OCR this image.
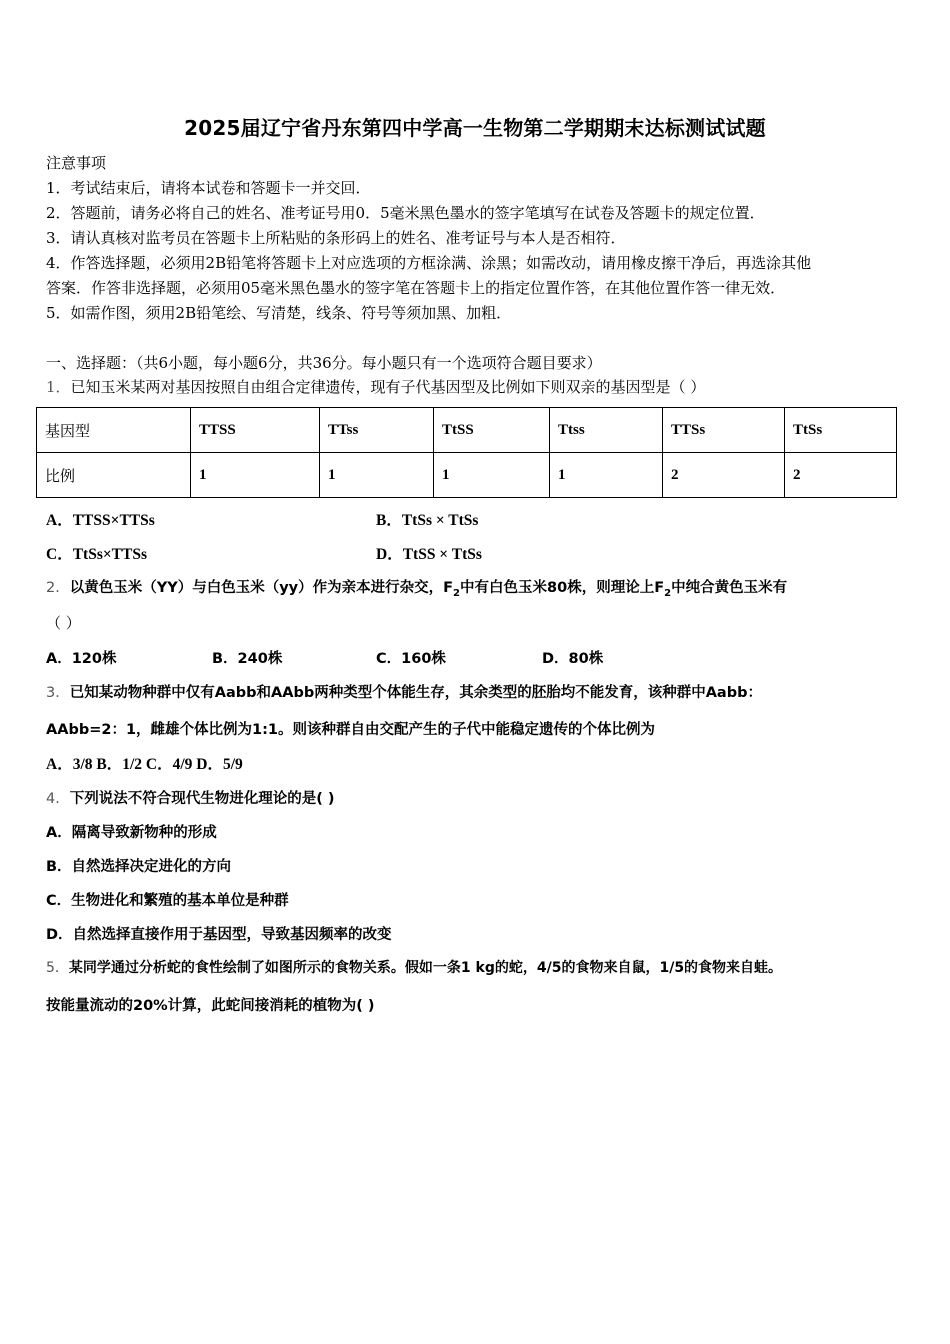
2025届辽宁省丹东第四中学高一生物第二学期期末达标测试试题
注意事项
1．考试结束后，请将本试卷和答题卡一并交回．
2．答题前，请务必将自己的姓名、准考证号用0．5毫米黑色墨水的签字笔填写在试卷及答题卡的规定位置．
3．请认真核对监考员在答题卡上所粘贴的条形码上的姓名、准考证号与本人是否相符．
4．作答选择题，必须用2B铅笔将答题卡上对应选项的方框涂满、涂黑；如需改动，请用橡皮擦干净后，再选涂其他
答案．作答非选择题，必须用05毫米黑色墨水的签字笔在答题卡上的指定位置作答，在其他位置作答一律无效．
5．如需作图，须用2B铅笔绘、写清楚，线条、符号等须加黑、加粗．
一、选择题：（共6小题，每小题6分，共36分。每小题只有一个选项符合题目要求）
1．已知玉米某两对基因按照自由组合定律遗传，现有子代基因型及比例如下则双亲的基因型是（ ）
基因型	TTSS	TTss	TtSS	Ttss	TTSs	TtSs
比例	1	1	1	1	2	2
A．TTSS×TTSs	B．TtSs × TtSs
C．TtSs×TTSs	D．TtSS × TtSs
2．以黄色玉米（YY）与白色玉米（yy）作为亲本进行杂交，$F_2$中有白色玉米80株，则理论上$F_2$中纯合黄色玉米有
（ ）
A．120株	B．240株	C．160株	D．80株
3．已知某动物种群中仅有Aabb和AAbb两种类型个体能生存，其余类型的胚胎均不能发育，该种群中Aabb：
AAbb=2：1，雌雄个体比例为1:1。则该种群自由交配产生的子代中能稳定遗传的个体比例为
A．3/8 B．1/2 C．4/9 D．5/9
4．下列说法不符合现代生物进化理论的是( )
A．隔离导致新物种的形成
B．自然选择决定进化的方向
C．生物进化和繁殖的基本单位是种群
D．自然选择直接作用于基因型，导致基因频率的改变
5．某同学通过分析蛇的食性绘制了如图所示的食物关系。假如一条1 kg的蛇，4/5的食物来自鼠，1/5的食物来自蛙。
按能量流动的20%计算，此蛇间接消耗的植物为( )
